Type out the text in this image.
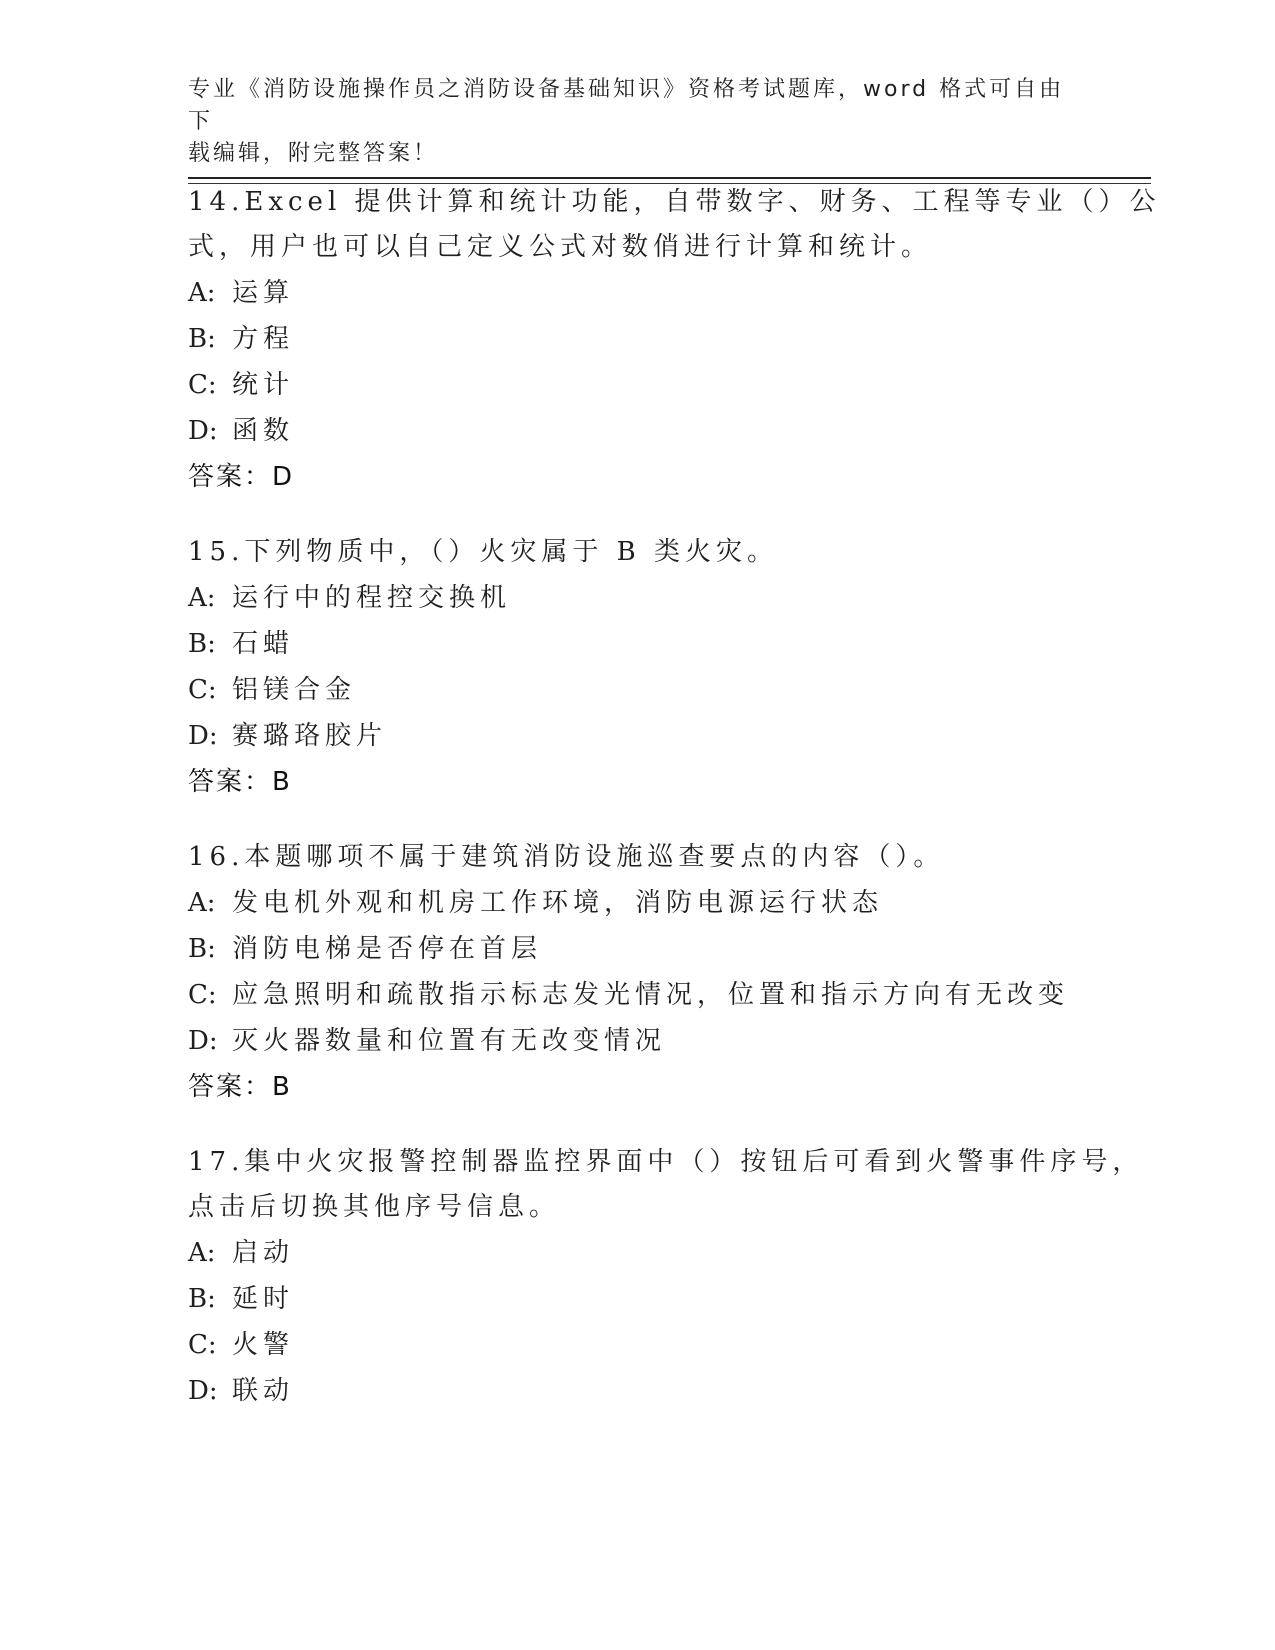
专业《消防设施操作员之消防设备基础知识》资格考试题库，word 格式可自由下
载编辑，附完整答案！
14.Excel 提供计算和统计功能，自带数字、财务、工程等专业（）公
式，用户也可以自己定义公式对数俏进行计算和统计。
A: 运算
B: 方程
C: 统计
D: 函数
答案：D
15.下列物质中，（）火灾属于 B 类火灾。
A: 运行中的程控交换机
B: 石蜡
C: 铝镁合金
D: 赛璐珞胶片
答案：B
16.本题哪项不属于建筑消防设施巡查要点的内容（）。
A: 发电机外观和机房工作环境，消防电源运行状态
B: 消防电梯是否停在首层
C: 应急照明和疏散指示标志发光情况，位置和指示方向有无改变
D: 灭火器数量和位置有无改变情况
答案：B
17.集中火灾报警控制器监控界面中（）按钮后可看到火警事件序号，
点击后切换其他序号信息。
A: 启动
B: 延时
C: 火警
D: 联动
